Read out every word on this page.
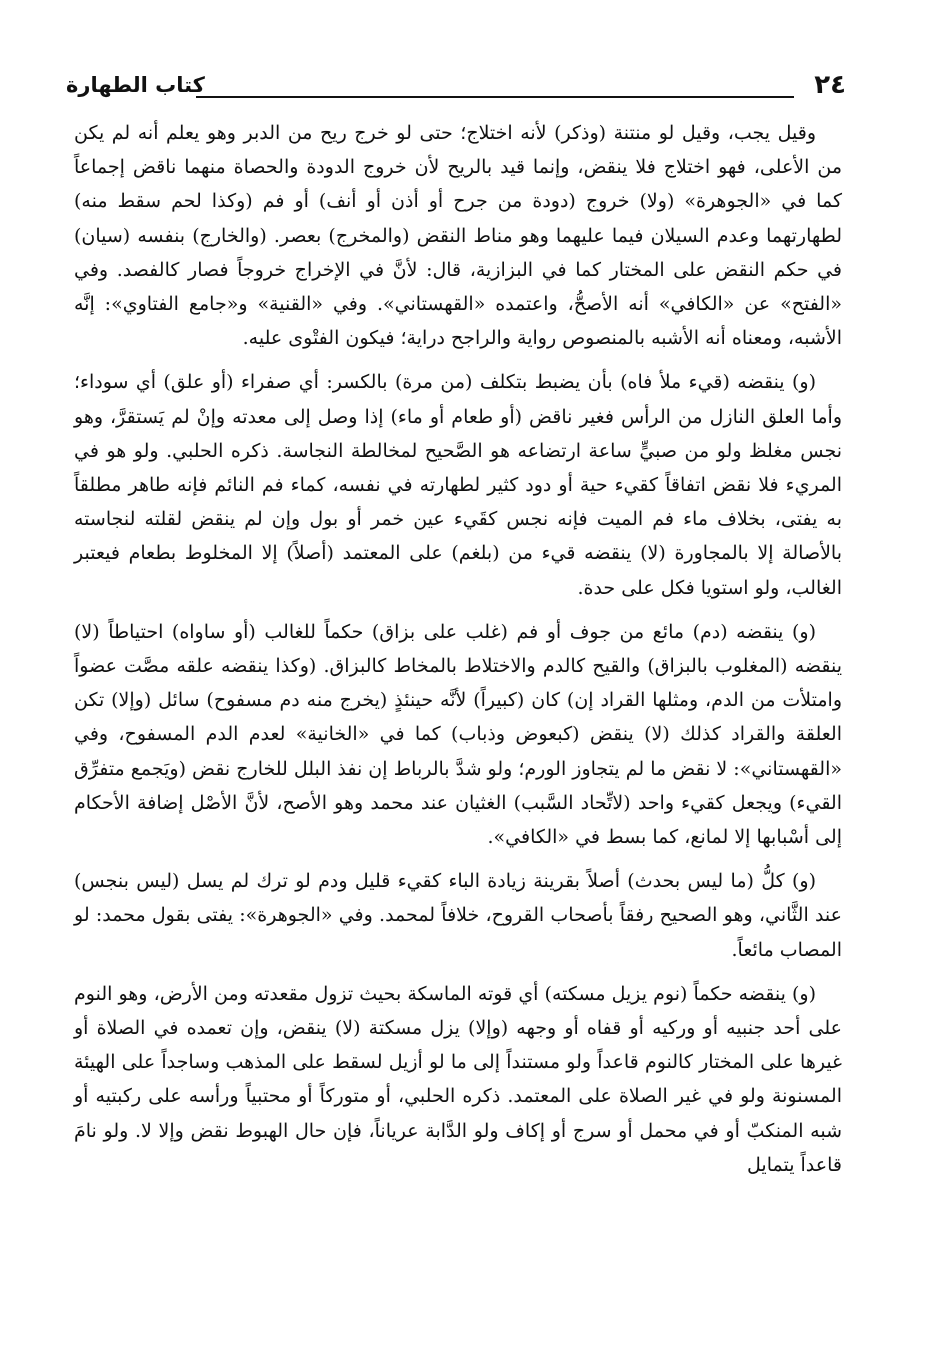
٢٤
كتاب الطهارة

وقيل يجب، وقيل لو منتنة (وذكر) لأنه اختلاج؛ حتى لو خرج ريح من الدبر وهو يعلم أنه لم يكن من الأعلى، فهو اختلاج فلا ينقض، وإنما قيد بالريح لأن خروج الدودة والحصاة منهما ناقض إجماعاً كما في «الجوهرة» (ولا) خروج (دودة من جرح أو أذن أو أنف) أو فم (وكذا لحم سقط منه) لطهارتهما وعدم السيلان فيما عليهما وهو مناط النقض (والمخرج) بعصر. (والخارج) بنفسه (سيان) في حكم النقض على المختار كما في البزازية، قال: لأنَّ في الإخراج خروجاً فصار كالفصد. وفي «الفتح» عن «الكافي» أنه الأصحُّ، واعتمده «القهستاني». وفي «القنية» و«جامع الفتاوي»: إنَّه الأشبه، ومعناه أنه الأشبه بالمنصوص رواية والراجح دراية؛ فيكون الفتْوى عليه.

(و) ينقضه (قيء ملأ فاه) بأن يضبط بتكلف (من مرة) بالكسر: أي صفراء (أو علق) أي سوداء؛ وأما العلق النازل من الرأس فغير ناقض (أو طعام أو ماء) إذا وصل إلى معدته وإنْ لم يَستقرَّ، وهو نجس مغلظ ولو من صبيٍّ ساعة ارتضاعه هو الصَّحيح لمخالطة النجاسة. ذكره الحلبي. ولو هو في المريء فلا نقض اتفاقاً كقيء حية أو دود كثير لطهارته في نفسه، كماء فم النائم فإنه طاهر مطلقاً به يفتى، بخلاف ماء فم الميت فإنه نجس كقَيء عين خمر أو بول وإن لم ينقض لقلته لنجاسته بالأصالة إلا بالمجاورة (لا) ينقضه قيء من (بلغم) على المعتمد (أصلاً) إلا المخلوط بطعام فيعتبر الغالب، ولو استويا فكل على حدة.

(و) ينقضه (دم) مائع من جوف أو فم (غلب على بزاق) حكماً للغالب (أو ساواه) احتياطاً (لا) ينقضه (المغلوب بالبزاق) والقيح كالدم والاختلاط بالمخاط كالبزاق. (وكذا ينقضه علقه مصَّت عضواً وامتلأت من الدم، ومثلها القراد إن) كان (كبيراً) لأنَّه حينئذٍ (يخرج منه دم مسفوح) سائل (وإلا) تكن العلقة والقراد كذلك (لا) ينقض (كبعوض وذباب) كما في «الخانية» لعدم الدم المسفوح، وفي «القهستاني»: لا نقض ما لم يتجاوز الورم؛ ولو شدَّ بالرباط إن نفذ البلل للخارج نقض (ويَجمع متفرِّق القيء) ويجعل كقيء واحد (لاتِّحاد السَّبب) الغثيان عند محمد وهو الأصح، لأنَّ الأصْل إضافة الأحكام إلى أسْبابها إلا لمانع، كما بسط في «الكافي».

(و) كلُّ (ما ليس بحدث) أصلاً بقرينة زيادة الباء كقيء قليل ودم لو ترك لم يسل (ليس بنجس) عند الثَّاني، وهو الصحيح رفقاً بأصحاب القروح، خلافاً لمحمد. وفي «الجوهرة»: يفتى بقول محمد: لو المصاب مائعاً.

(و) ينقضه حكماً (نوم يزيل مسكته) أي قوته الماسكة بحيث تزول مقعدته ومن الأرض، وهو النوم على أحد جنبيه أو وركيه أو قفاه أو وجهه (وإلا) يزل مسكتة (لا) ينقض، وإن تعمده في الصلاة أو غيرها على المختار كالنوم قاعداً ولو مستنداً إلى ما لو أزيل لسقط على المذهب وساجداً على الهيئة المسنونة ولو في غير الصلاة على المعتمد. ذكره الحلبي، أو متوركاً أو محتبياً ورأسه على ركبتيه أو شبه المنكبّ أو في محمل أو سرج أو إكاف ولو الدَّابة عرياناً، فإن حال الهبوط نقض وإلا لا. ولو نامَ قاعداً يتمايل
